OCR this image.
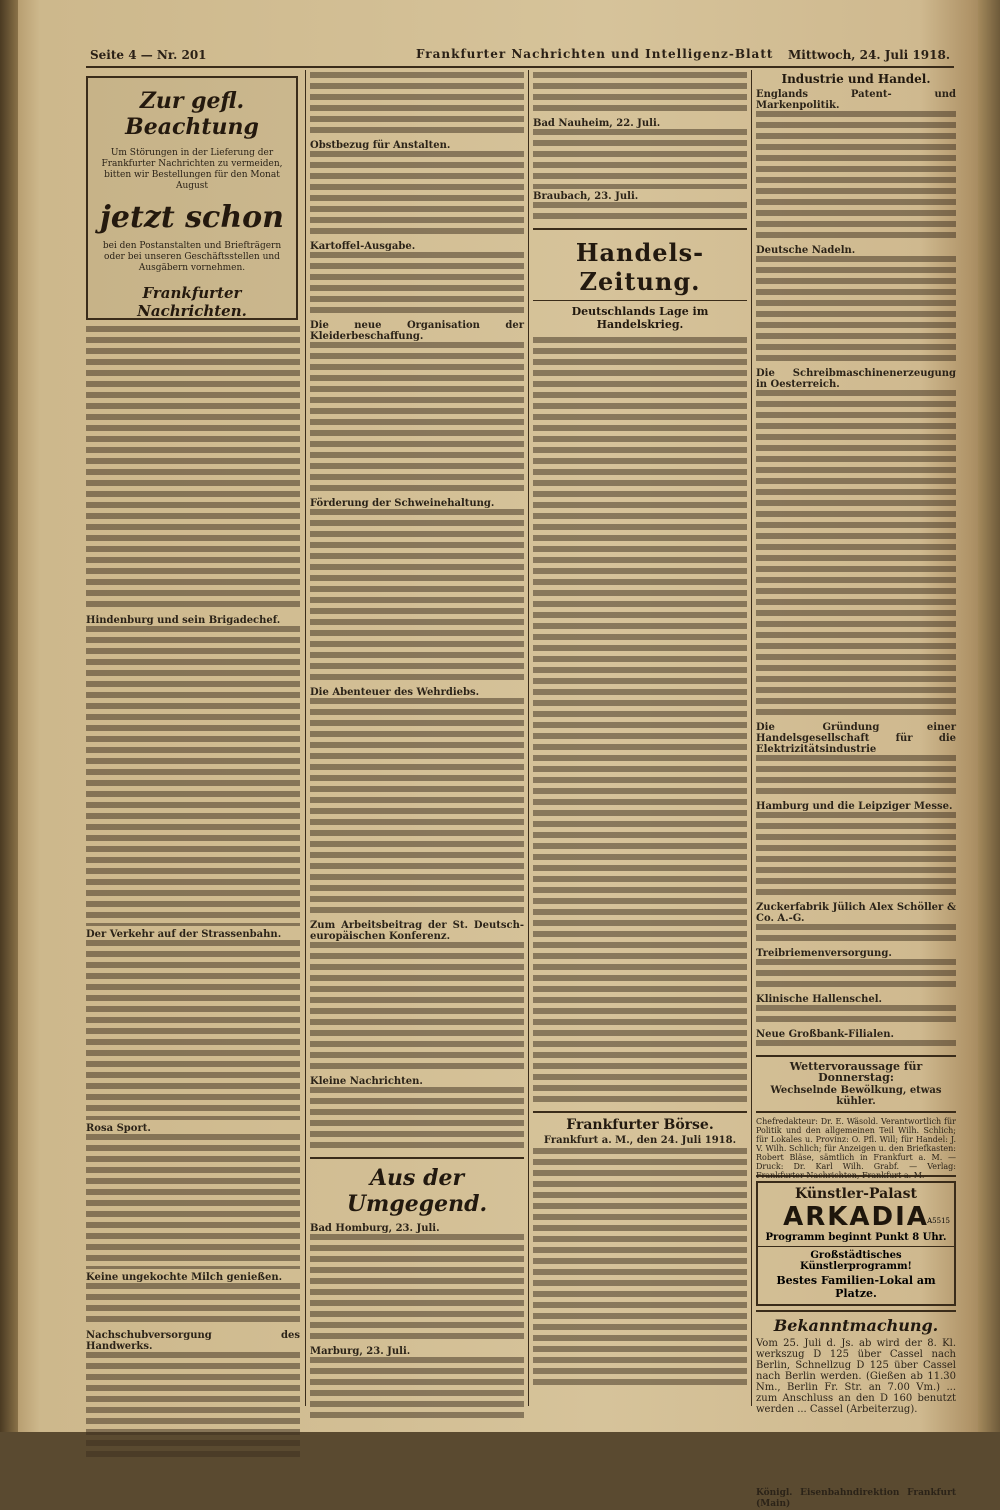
Seite 4 — Nr. 201	Frankfurter Nachrichten und Intelligenz-Blatt Mittwoch, 24. Juli 1918.
Zur gefl. Beachtung
Um Störungen in der Lieferung der Frankfurter Nachrichten zu vermeiden, bitten wir Bestellungen für den Monat August
jetzt schon
bei den Postanstalten und Briefträgern oder bei unseren Geschäftsstellen und Ausgäbern vornehmen.
Frankfurter Nachrichten.
Hindenburg und sein Brigadechef.
Der Verkehr auf der Strassenbahn.
Rosa Sport.
Keine ungekochte Milch genießen.
Nachschubversorgung des Handwerks.
Obstbezug für Anstalten.
Kartoffel-Ausgabe.
Die neue Organisation der Kleiderbeschaffung.
Förderung der Schweinehaltung.
Die Abenteuer des Wehrdiebs.
Zum Arbeitsbeitrag der St. Deutsch-europäischen Konferenz.
Kleine Nachrichten.
Aus der Umgegend.
Bad Homburg, 23. Juli.
Marburg, 23. Juli.
Bad Nauheim, 22. Juli.
Braubach, 23. Juli.
Handels-Zeitung.
Deutschlands Lage im Handelskrieg.
Frankfurter Börse.
Frankfurt a. M., den 24. Juli 1918.
Industrie und Handel.
Englands Patent- und Markenpolitik.
Deutsche Nadeln.
Die Schreibmaschinenerzeugung in Oesterreich.
Die Gründung einer Handelsgesellschaft für die Elektrizitätsindustrie
Hamburg und die Leipziger Messe.
Zuckerfabrik Jülich Alex Schöller & Co. A.-G.
Treibriemenversorgung.
Klinische Hallenschel.
Neue Großbank-Filialen.
Wettervoraussage für Donnerstag:
Wechselnde Bewölkung, etwas kühler.
Chefredakteur: Dr. E. Wäsold. Verantwortlich für Politik und den allgemeinen Teil Wilh. Schlich; für Lokales u. Provinz: O. Pfl. Will; für Handel: J. V. Wilh. Schlich; für Anzeigen u. den Briefkasten: Robert Bläse, sämtlich in Frankfurt a. M. — Druck: Dr. Karl Wilh. Grabf. — Verlag: Frankfurter Nachrichten, Frankfurt a. M.
Künstler-Palast
ARKADIA
A5515
Programm beginnt Punkt 8 Uhr.
Großstädtisches Künstlerprogramm!
Bestes Familien-Lokal am Platze.
Bekanntmachung.
Vom 25. Juli d. Js. ab wird der 8. Kl. werkszug D 125 über Cassel nach Berlin, Schnellzug D 125 über Cassel nach Berlin werden. (Gießen ab 11.30 Nm., Berlin Fr. Str. an 7.00 Vm.) ... zum Anschluss an den D 160 benutzt werden ... Cassel (Arbeiterzug).
Königl. Eisenbahndirektion Frankfurt (Main)
